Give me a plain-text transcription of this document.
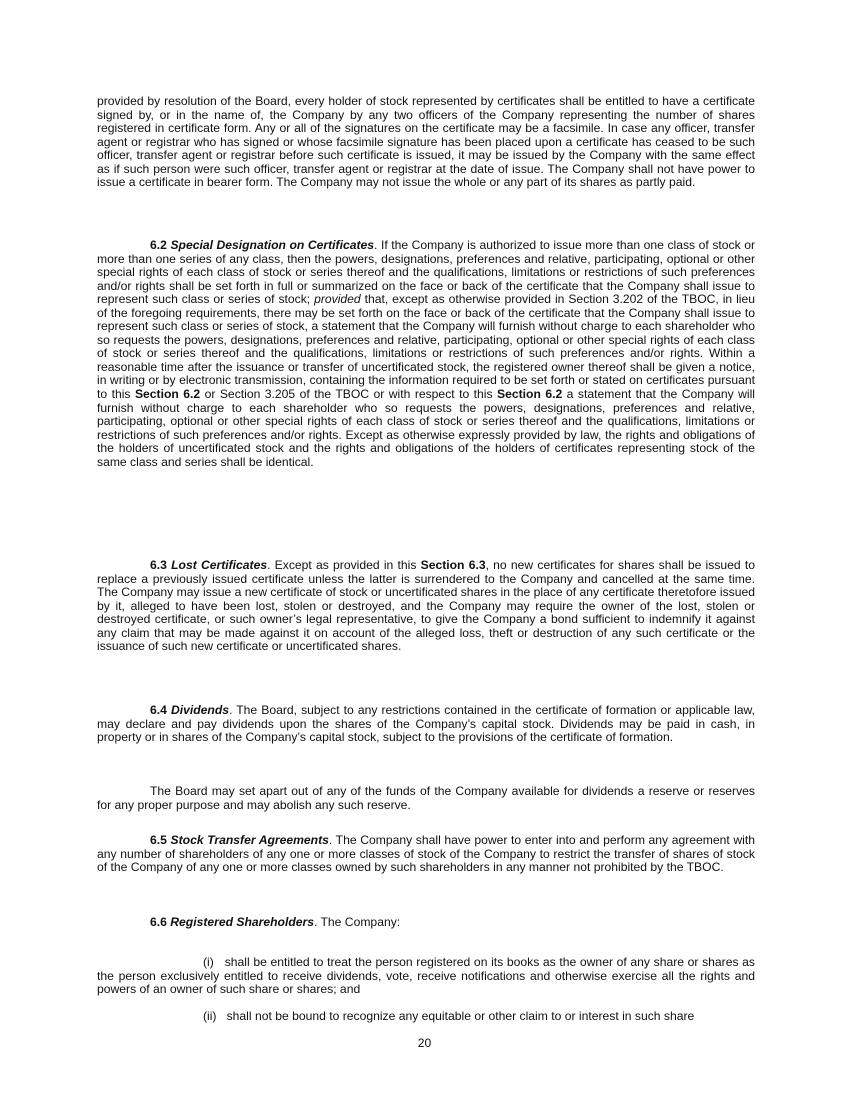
provided by resolution of the Board, every holder of stock represented by certificates shall be entitled to have a certificate signed by, or in the name of, the Company by any two officers of the Company representing the number of shares registered in certificate form. Any or all of the signatures on the certificate may be a facsimile. In case any officer, transfer agent or registrar who has signed or whose facsimile signature has been placed upon a certificate has ceased to be such officer, transfer agent or registrar before such certificate is issued, it may be issued by the Company with the same effect as if such person were such officer, transfer agent or registrar at the date of issue. The Company shall not have power to issue a certificate in bearer form. The Company may not issue the whole or any part of its shares as partly paid.

6.2 Special Designation on Certificates. If the Company is authorized to issue more than one class of stock or more than one series of any class, then the powers, designations, preferences and relative, participating, optional or other special rights of each class of stock or series thereof and the qualifications, limitations or restrictions of such preferences and/or rights shall be set forth in full or summarized on the face or back of the certificate that the Company shall issue to represent such class or series of stock; provided that, except as otherwise provided in Section 3.202 of the TBOC, in lieu of the foregoing requirements, there may be set forth on the face or back of the certificate that the Company shall issue to represent such class or series of stock, a statement that the Company will furnish without charge to each shareholder who so requests the powers, designations, preferences and relative, participating, optional or other special rights of each class of stock or series thereof and the qualifications, limitations or restrictions of such preferences and/or rights. Within a reasonable time after the issuance or transfer of uncertificated stock, the registered owner thereof shall be given a notice, in writing or by electronic transmission, containing the information required to be set forth or stated on certificates pursuant to this Section 6.2 or Section 3.205 of the TBOC or with respect to this Section 6.2 a statement that the Company will furnish without charge to each shareholder who so requests the powers, designations, preferences and relative, participating, optional or other special rights of each class of stock or series thereof and the qualifications, limitations or restrictions of such preferences and/or rights. Except as otherwise expressly provided by law, the rights and obligations of the holders of uncertificated stock and the rights and obligations of the holders of certificates representing stock of the same class and series shall be identical.

6.3 Lost Certificates. Except as provided in this Section 6.3, no new certificates for shares shall be issued to replace a previously issued certificate unless the latter is surrendered to the Company and cancelled at the same time. The Company may issue a new certificate of stock or uncertificated shares in the place of any certificate theretofore issued by it, alleged to have been lost, stolen or destroyed, and the Company may require the owner of the lost, stolen or destroyed certificate, or such owner’s legal representative, to give the Company a bond sufficient to indemnify it against any claim that may be made against it on account of the alleged loss, theft or destruction of any such certificate or the issuance of such new certificate or uncertificated shares.

6.4 Dividends. The Board, subject to any restrictions contained in the certificate of formation or applicable law, may declare and pay dividends upon the shares of the Company’s capital stock. Dividends may be paid in cash, in property or in shares of the Company’s capital stock, subject to the provisions of the certificate of formation.

The Board may set apart out of any of the funds of the Company available for dividends a reserve or reserves for any proper purpose and may abolish any such reserve.

6.5 Stock Transfer Agreements. The Company shall have power to enter into and perform any agreement with any number of shareholders of any one or more classes of stock of the Company to restrict the transfer of shares of stock of the Company of any one or more classes owned by such shareholders in any manner not prohibited by the TBOC.

6.6 Registered Shareholders. The Company:

(i)   shall be entitled to treat the person registered on its books as the owner of any share or shares as the person exclusively entitled to receive dividends, vote, receive notifications and otherwise exercise all the rights and powers of an owner of such share or shares; and

(ii)   shall not be bound to recognize any equitable or other claim to or interest in such share

20
